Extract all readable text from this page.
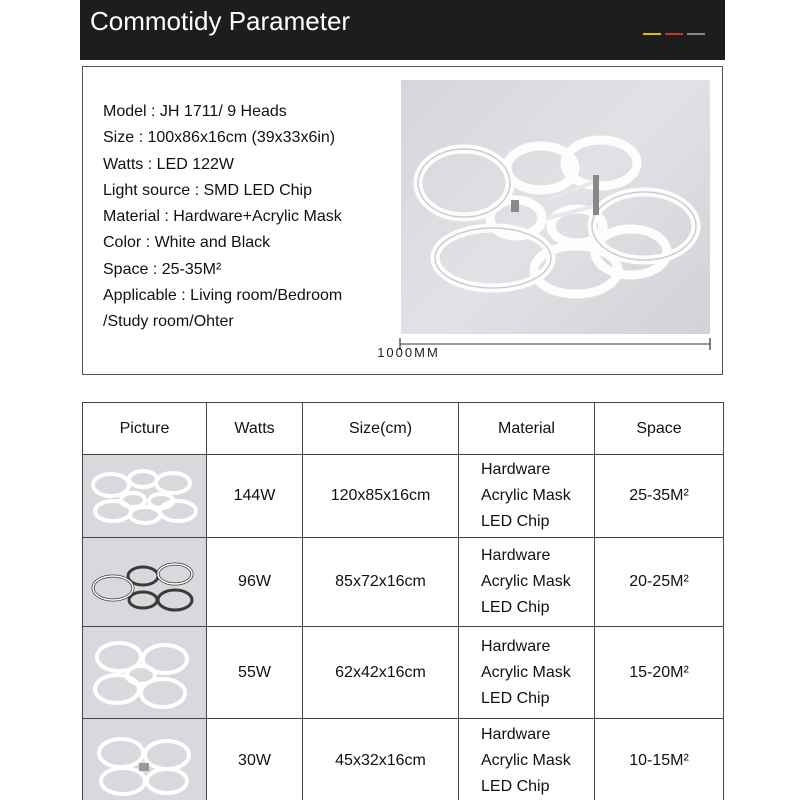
Commotidy Parameter
Model : JH 1711/ 9 Heads
Size : 100x86x16cm (39x33x6in)
Watts : LED 122W
Light source : SMD LED Chip
Material : Hardware+Acrylic Mask
Color : White and Black
Space : 25-35M²
Applicable : Living room/Bedroom
/Study room/Ohter
1000MM
Picture	Watts	Size(cm)	Material	Space

	144W	120x85x16cm	Hardware
Acrylic Mask
LED Chip	25-35M²

	96W	85x72x16cm	Hardware
Acrylic Mask
LED Chip	20-25M²

	55W	62x42x16cm	Hardware
Acrylic Mask
LED Chip	15-20M²

	30W	45x32x16cm	Hardware
Acrylic Mask
LED Chip	10-15M²
